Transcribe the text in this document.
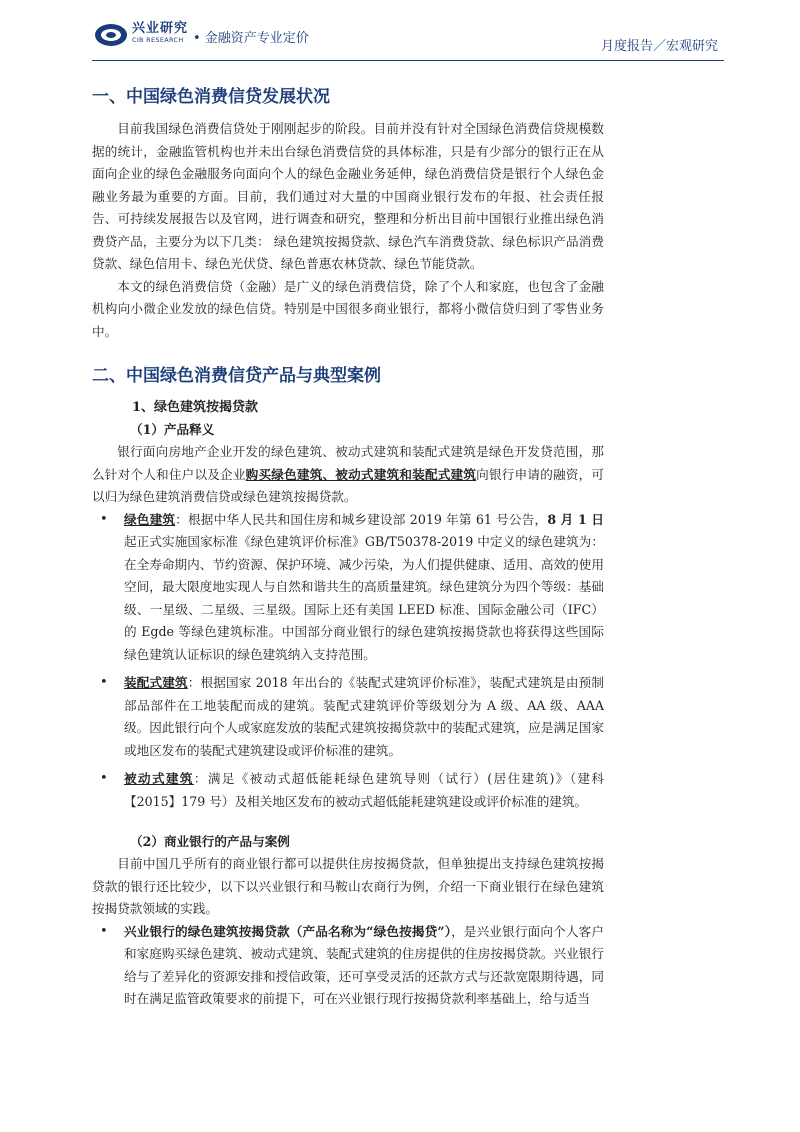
兴业研究
CIB RESEARCH • 金融资产专业定价
月度报告／宏观研究
一、中国绿色消费信贷发展状况

目前我国绿色消费信贷处于刚刚起步的阶段。目前并没有针对全国绿色消费信贷规模数据的统计，金融监管机构也并未出台绿色消费信贷的具体标准，只是有少部分的银行正在从面向企业的绿色金融服务向面向个人的绿色金融业务延伸，绿色消费信贷是银行个人绿色金融业务最为重要的方面。目前，我们通过对大量的中国商业银行发布的年报、社会责任报告、可持续发展报告以及官网，进行调查和研究，整理和分析出目前中国银行业推出绿色消费贷产品，主要分为以下几类： 绿色建筑按揭贷款、绿色汽车消费贷款、绿色标识产品消费贷款、绿色信用卡、绿色光伏贷、绿色普惠农林贷款、绿色节能贷款。

本文的绿色消费信贷（金融）是广义的绿色消费信贷，除了个人和家庭，也包含了金融机构向小微企业发放的绿色信贷。特别是中国很多商业银行，都将小微信贷归到了零售业务中。

二、中国绿色消费信贷产品与典型案例
1、绿色建筑按揭贷款
（1）产品释义

银行面向房地产企业开发的绿色建筑、被动式建筑和装配式建筑是绿色开发贷范围，那么针对个人和住户以及企业购买绿色建筑、被动式建筑和装配式建筑向银行申请的融资，可以归为绿色建筑消费信贷或绿色建筑按揭贷款。

• 绿色建筑：根据中华人民共和国住房和城乡建设部 2019 年第 61 号公告，8 月 1 日起正式实施国家标准《绿色建筑评价标准》GB/T50378-2019 中定义的绿色建筑为：在全寿命期内、节约资源、保护环境、减少污染，为人们提供健康、适用、高效的使用空间，最大限度地实现人与自然和谐共生的高质量建筑。绿色建筑分为四个等级：基础级、一星级、二星级、三星级。国际上还有美国 LEED 标准、国际金融公司（IFC）的 Egde 等绿色建筑标准。中国部分商业银行的绿色建筑按揭贷款也将获得这些国际绿色建筑认证标识的绿色建筑纳入支持范围。
• 装配式建筑：根据国家 2018 年出台的《装配式建筑评价标准》，装配式建筑是由预制部品部件在工地装配而成的建筑。装配式建筑评价等级划分为 A 级、AA 级、AAA 级。因此银行向个人或家庭发放的装配式建筑按揭贷款中的装配式建筑，应是满足国家或地区发布的装配式建筑建设或评价标准的建筑。
• 被动式建筑：满足《被动式超低能耗绿色建筑导则（试行）(居住建筑)》（建科【2015】179 号）及相关地区发布的被动式超低能耗建筑建设或评价标准的建筑。
（2）商业银行的产品与案例

目前中国几乎所有的商业银行都可以提供住房按揭贷款，但单独提出支持绿色建筑按揭贷款的银行还比较少，以下以兴业银行和马鞍山农商行为例，介绍一下商业银行在绿色建筑按揭贷款领域的实践。

• 兴业银行的绿色建筑按揭贷款（产品名称为“绿色按揭贷”），是兴业银行面向个人客户和家庭购买绿色建筑、被动式建筑、装配式建筑的住房提供的住房按揭贷款。兴业银行给与了差异化的资源安排和授信政策，还可享受灵活的还款方式与还款宽限期待遇，同时在满足监管政策要求的前提下，可在兴业银行现行按揭贷款利率基础上，给与适当
